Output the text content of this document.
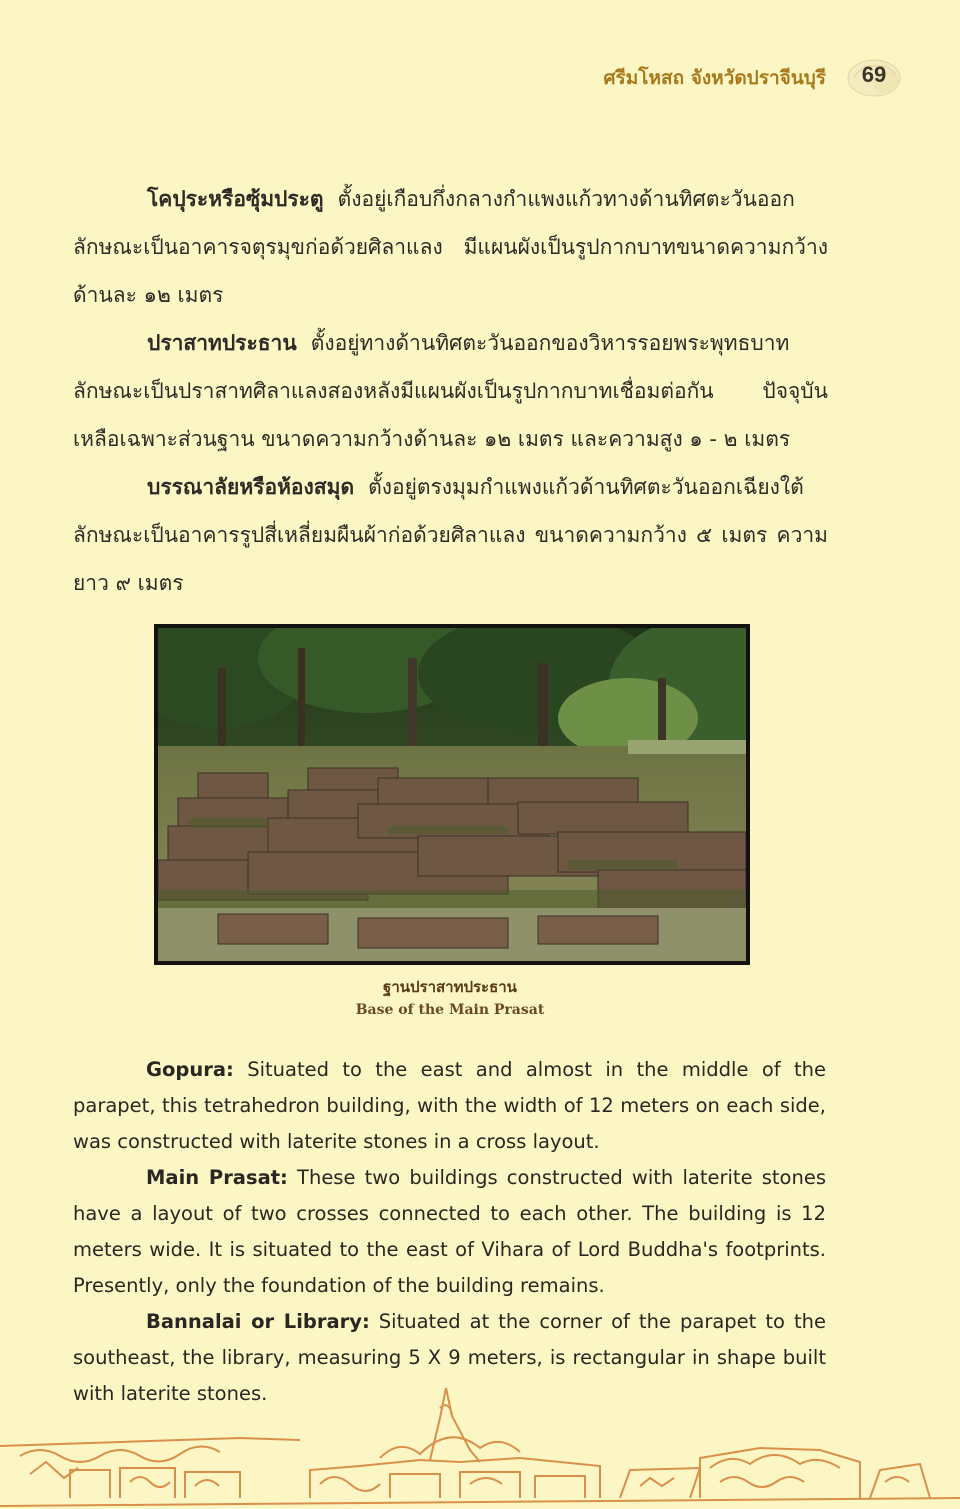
ศรีมโหสถ จังหวัดปราจีนบุรี	69

โคปุระหรือซุ้มประตู ตั้งอยู่เกือบกึ่งกลางกำแพงแก้วทางด้านทิศตะวันออก ลักษณะเป็นอาคารจตุรมุขก่อด้วยศิลาแลง มีแผนผังเป็นรูปกากบาทขนาดความกว้างด้านละ ๑๒ เมตร

ปราสาทประธาน ตั้งอยู่ทางด้านทิศตะวันออกของวิหารรอยพระพุทธบาท ลักษณะเป็นปราสาทศิลาแลงสองหลังมีแผนผังเป็นรูปกากบาทเชื่อมต่อกัน ปัจจุบันเหลือเฉพาะส่วนฐาน ขนาดความกว้างด้านละ ๑๒ เมตร และความสูง ๑ - ๒ เมตร

บรรณาลัยหรือห้องสมุด ตั้งอยู่ตรงมุมกำแพงแก้วด้านทิศตะวันออกเฉียงใต้ ลักษณะเป็นอาคารรูปสี่เหลี่ยมผืนผ้าก่อด้วยศิลาแลง ขนาดความกว้าง ๕ เมตร ความยาว ๙ เมตร

ฐานปราสาทประธาน
Base of the Main Prasat

Gopura: Situated to the east and almost in the middle of the parapet, this tetrahedron building, with the width of 12 meters on each side, was constructed with laterite stones in a cross layout.

Main Prasat: These two buildings constructed with laterite stones have a layout of two crosses connected to each other. The building is 12 meters wide. It is situated to the east of Vihara of Lord Buddha's footprints. Presently, only the foundation of the building remains.

Bannalai or Library: Situated at the corner of the parapet to the southeast, the library, measuring 5 X 9 meters, is rectangular in shape built with laterite stones.
